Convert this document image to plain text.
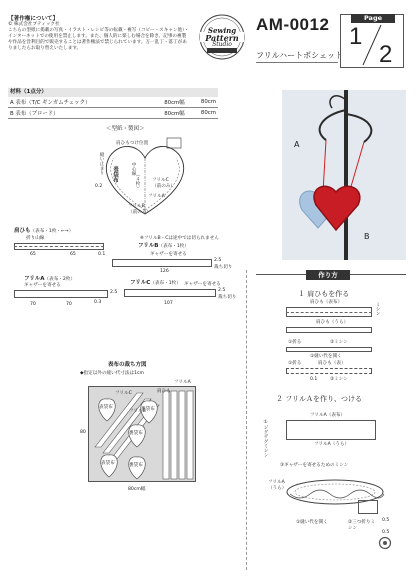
【著作権について】
© 株式会社ブティック社
こちらの型紙に掲載の写真・イラスト・レシピ等の転載・複写（コピー・スキャン他）・インターネットでの使用を禁止します。また、個人的に楽しむ場合を除き、記事の複製や作品を営利目的で販売することは著作権法で禁じられています。万一乱丁・落丁がありましたらお取り替えいたします。
Sewing
Pattern
Studio
AM-0012
フリルハートポシェット
Page
1
2
材料（1点分）
A 表布（T/C ギンガムチェック）	80cm幅	80cm
B 表布（ブロード）	80cm幅	80cm
A
B
＜型紙・製図＞
肩ひもつけ位置
縫い止まり	中心線
表袋布	（４枚）	フリルC
（前のみ）
フリルA
フリルB
（前のみ）
0.2
肩ひも（表布・1枚・←→）
折り山線
65	65	0.1
※フリルB・Cは途中では切られません
フリルB（表布・1枚）
ギャザーを寄せる
2.5
裁ち切り
126
フリルA（表布・2枚）
ギャザーを寄せる
2.5
0.3
70	70
フリルC（表布・1枚） ギャザーを寄せる
2.5
裁ち切り
107
表布の裁ち方図
◆指定以外の縫い代寸法は1cm
フリルA
フリルC	肩ひも
フリルB
表袋布	裏袋布
裏袋布
表袋布	裏袋布
80
80cm幅
作り方
１ 肩ひもを作る
肩ひも（表布）	ミシン
肩ひも（うら）
①折る	②ミシン
①縫い代を開く
①折る	肩ひも（表）
0.1	②ミシン
２ フリルＡを作り、つける
フリルA（表布）
①ジグザグミシン	フリルA（うら）
③ギャザーを寄せるためのミシン
フリルA（うら）
①縫い代を開く	②三つ折りミシン
0.5
0.5
